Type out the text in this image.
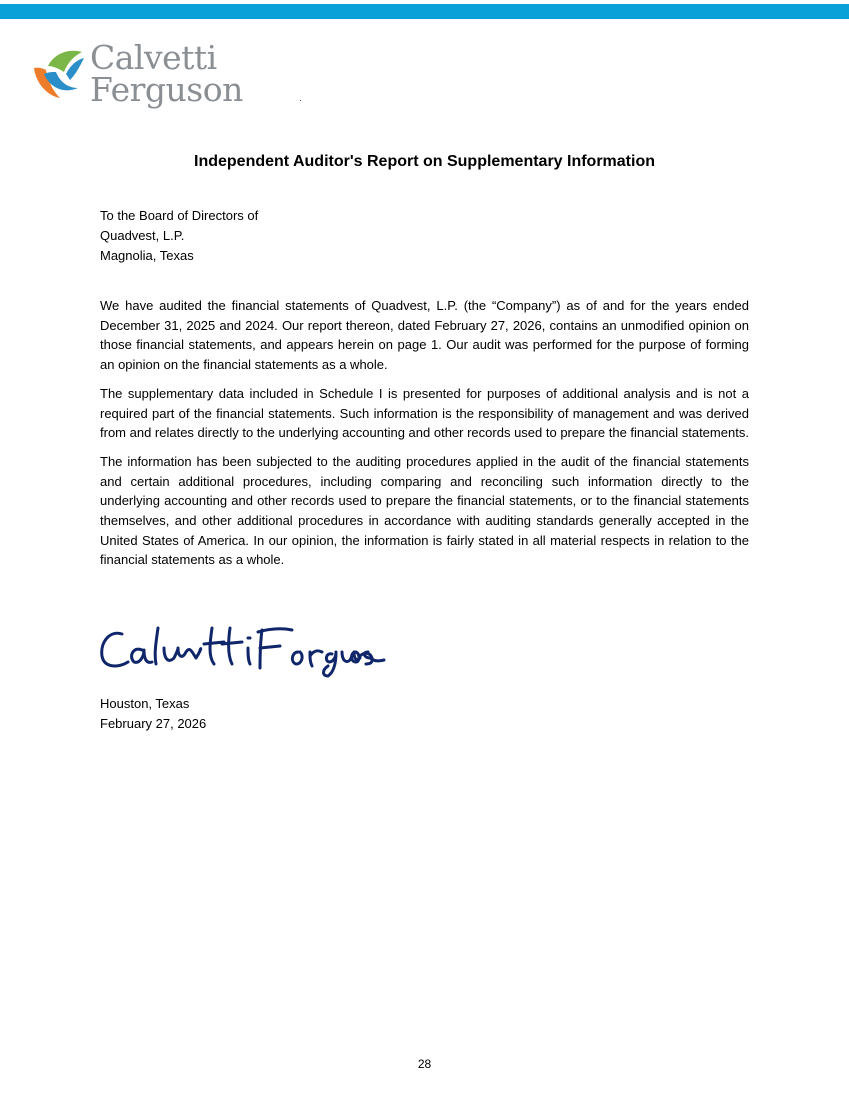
Calvetti
Ferguson
Independent Auditor's Report on Supplementary Information
To the Board of Directors of
Quadvest, L.P.
Magnolia, Texas

We have audited the financial statements of Quadvest, L.P. (the “Company”) as of and for the years ended December 31, 2025 and 2024. Our report thereon, dated February 27, 2026, contains an unmodified opinion on those financial statements, and appears herein on page 1. Our audit was performed for the purpose of forming an opinion on the financial statements as a whole.

The supplementary data included in Schedule I is presented for purposes of additional analysis and is not a required part of the financial statements. Such information is the responsibility of management and was derived from and relates directly to the underlying accounting and other records used to prepare the financial statements.

The information has been subjected to the auditing procedures applied in the audit of the financial statements and certain additional procedures, including comparing and reconciling such information directly to the underlying accounting and other records used to prepare the financial statements, or to the financial statements themselves, and other additional procedures in accordance with auditing standards generally accepted in the United States of America. In our opinion, the information is fairly stated in all material respects in relation to the financial statements as a whole.

Houston, Texas
February 27, 2026
28
